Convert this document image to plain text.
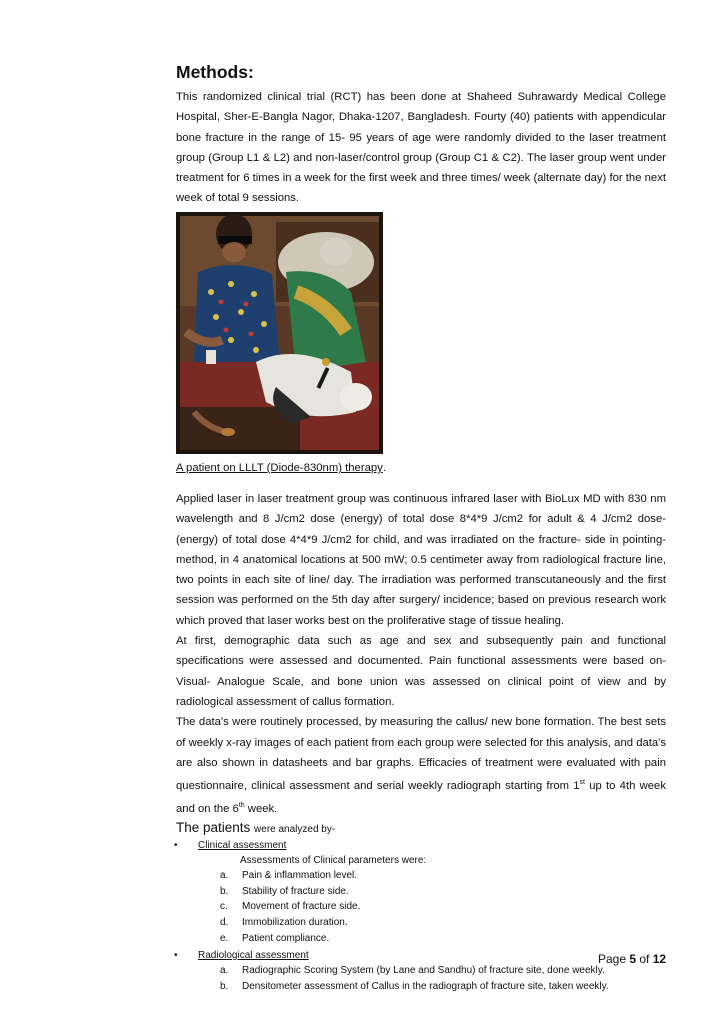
Methods:

This randomized clinical trial (RCT) has been done at Shaheed Suhrawardy Medical College Hospital, Sher-E-Bangla Nagor, Dhaka-1207, Bangladesh. Fourty (40) patients with appendicular bone fracture in the range of 15- 95 years of age were randomly divided to the laser treatment group (Group L1 & L2) and non-laser/control group (Group C1 & C2). The laser group went under treatment for 6 times in a week for the first week and three times/ week (alternate day) for the next week of total 9 sessions.

A patient on LLLT (Diode-830nm) therapy.

Applied laser in laser treatment group was continuous infrared laser with BioLux MD with 830 nm wavelength and 8 J/cm2 dose (energy) of total dose 8*4*9 J/cm2 for adult & 4 J/cm2 dose-(energy) of total dose 4*4*9 J/cm2 for child, and was irradiated on the fracture- side in pointing-method, in 4 anatomical locations at 500 mW; 0.5 centimeter away from radiological fracture line, two points in each site of line/ day. The irradiation was performed transcutaneously and the first session was performed on the 5th day after surgery/ incidence; based on previous research work which proved that laser works best on the proliferative stage of tissue healing.

At first, demographic data such as age and sex and subsequently pain and functional specifications were assessed and documented. Pain functional assessments were based on- Visual- Analogue Scale, and bone union was assessed on clinical point of view and by radiological assessment of callus formation.

The data's were routinely processed, by measuring the callus/ new bone formation. The best sets of weekly x-ray images of each patient from each group were selected for this analysis, and data's are also shown in datasheets and bar graphs. Efficacies of treatment were evaluated with pain questionnaire, clinical assessment and serial weekly radiograph starting from 1st up to 4th week and on the 6th week.

The patients were analyzed by-

• Clinical assessment
Assessments of Clinical parameters were:
a. Pain & inflammation level.
b. Stability of fracture side.
c. Movement of fracture side.
d. Immobilization duration.
e. Patient compliance.
• Radiological assessment
a. Radiographic Scoring System (by Lane and Sandhu) of fracture site, done weekly.
b. Densitometer assessment of Callus in the radiograph of fracture site, taken weekly.
Page 5 of 12
